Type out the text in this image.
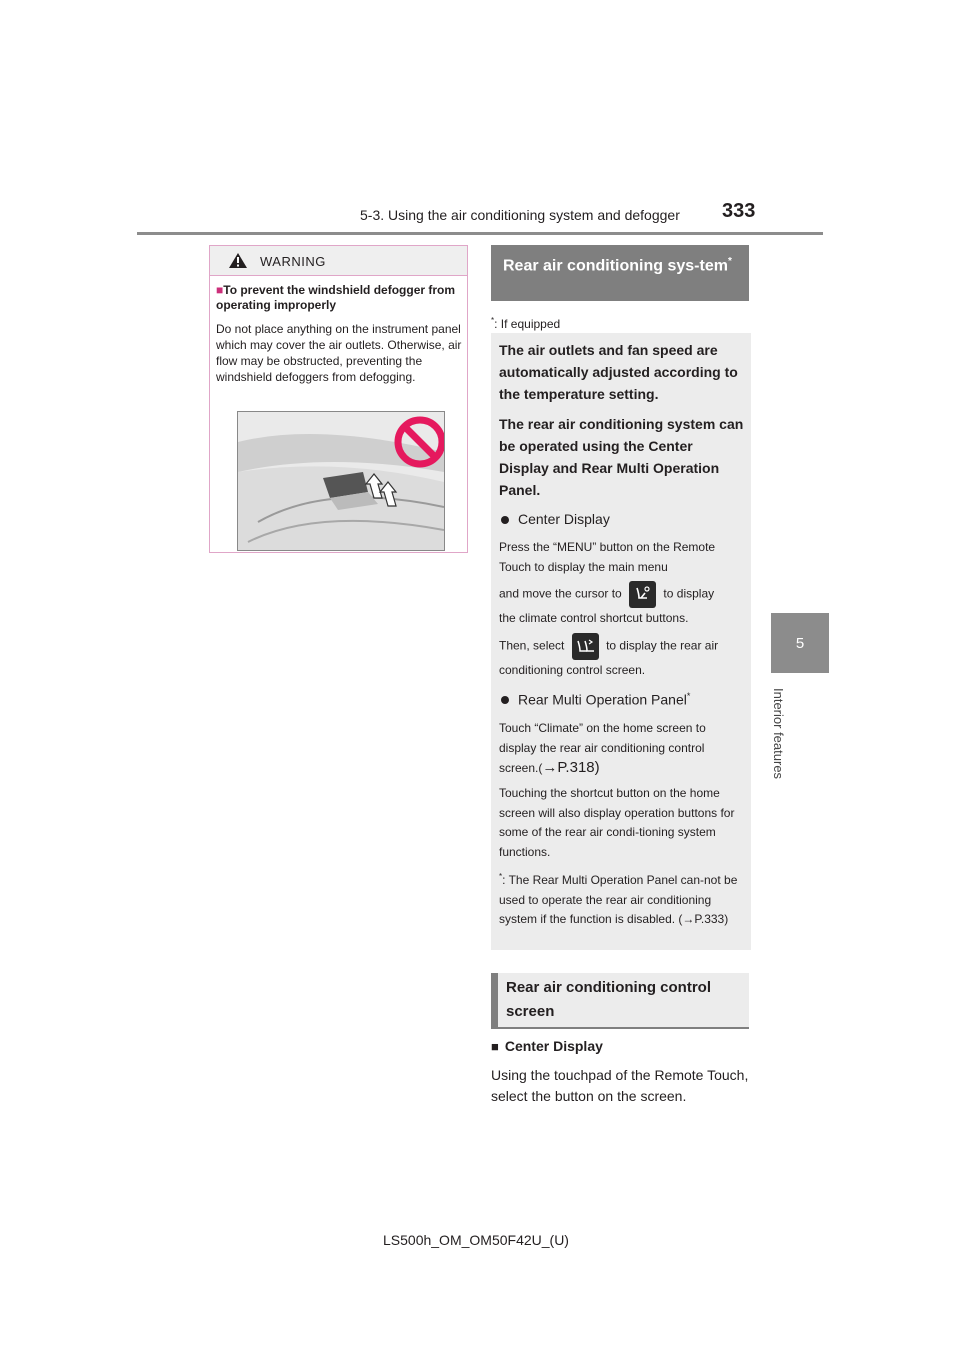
5-3. Using the air conditioning system and defogger 333
5
Interior features
WARNING
■To prevent the windshield defogger from operating improperly
Do not place anything on the instrument panel which may cover the air outlets. Otherwise, air flow may be obstructed, preventing the windshield defoggers from defogging.
Rear air conditioning sys-tem*
*: If equipped
The air outlets and fan speed are automatically adjusted according to the temperature setting.
The rear air conditioning system can be operated using the Center Display and Rear Multi Operation Panel.
Center Display
Press the “MENU” button on the Remote Touch to display the main menu
and move the cursor to	to display
the climate control shortcut buttons.
Then, select	to display the rear air
conditioning control screen.
Rear Multi Operation Panel*
Touch “Climate” on the home screen to display the rear air conditioning control screen.(→P.318)
Touching the shortcut button on the home screen will also display operation buttons for some of the rear air condi-tioning system functions.
*: The Rear Multi Operation Panel can-not be used to operate the rear air conditioning system if the function is disabled. (→P.333)
Rear air conditioning control screen
■ Center Display
Using the touchpad of the Remote Touch, select the button on the screen.
LS500h_OM_OM50F42U_(U)
